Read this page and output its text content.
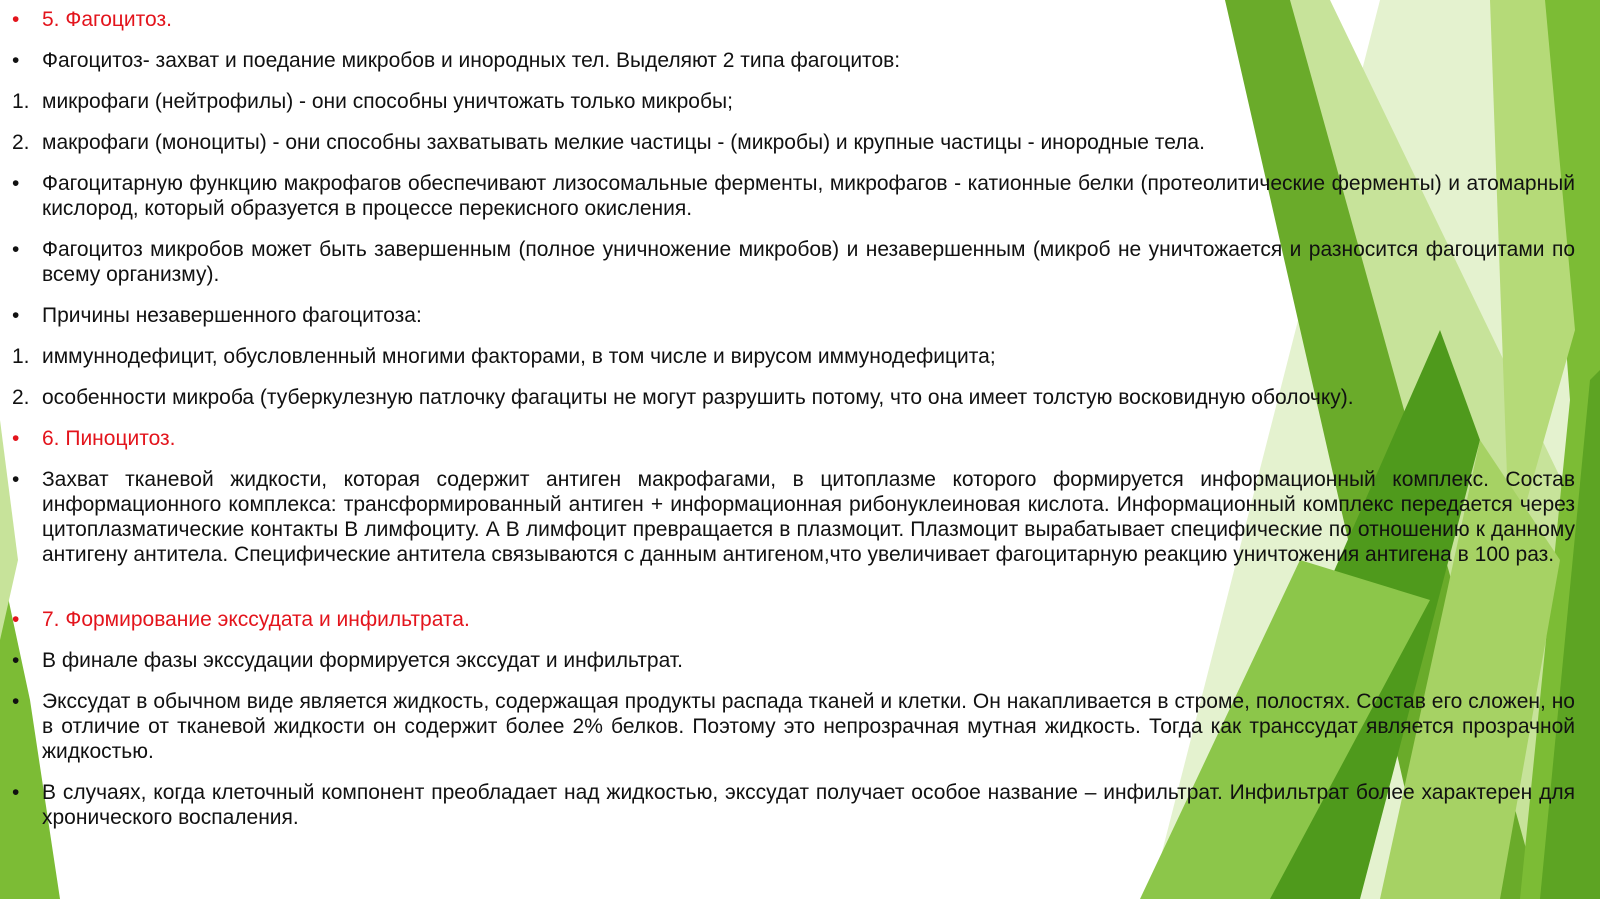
• 5. Фагоцитоз.
• Фагоцитоз- захват и поедание микробов и инородных тел. Выделяют 2 типа фагоцитов:
1. микрофаги (нейтрофилы) - они способны уничтожать только микробы;
2. макрофаги (моноциты) - они способны захватывать мелкие частицы - (микробы) и крупные частицы - инородные тела.
• Фагоцитарную функцию макрофагов обеспечивают лизосомальные ферменты, микрофагов - катионные белки (протеолитические ферменты) и атомарный кислород, который образуется в процессе перекисного окисления.
• Фагоцитоз микробов может быть завершенным (полное уничножение микробов) и незавершенным (микроб не уничтожается и разносится фагоцитами по всему организму).
• Причины незавершенного фагоцитоза:
1. иммуннодефицит, обусловленный многими факторами, в том числе и вирусом иммунодефицита;
2. особенности микроба (туберкулезную патлочку фагациты не могут разрушить потому, что она имеет толстую восковидную оболочку).
• 6. Пиноцитоз.
• Захват тканевой жидкости, которая содержит антиген макрофагами, в цитоплазме которого формируется информационный комплекс. Состав информационного комплекса: трансформированный антиген + информационная рибонуклеиновая кислота. Информационный комплекс передается через цитоплазматические контакты В лимфоциту. А В лимфоцит превращается в плазмоцит. Плазмоцит вырабатывает специфические по отношению к данному антигену антитела. Специфические антитела связываются с данным антигеном,что увеличивает фагоцитарную реакцию уничтожения антигена в 100 раз.
• 7. Формирование экссудата и инфильтрата.
• В финале фазы экссудации формируется экссудат и инфильтрат.
• Экссудат в обычном виде является жидкость, содержащая продукты распада тканей и клетки. Он накапливается в строме, полостях. Состав его сложен, но в отличие от тканевой жидкости он содержит более 2% белков. Поэтому это непрозрачная мутная жидкость. Тогда как транссудат является прозрачной жидкостью.
• В случаях, когда клеточный компонент преобладает над жидкостью, экссудат получает особое название – инфильтрат. Инфильтрат более характерен для хронического воспаления.
